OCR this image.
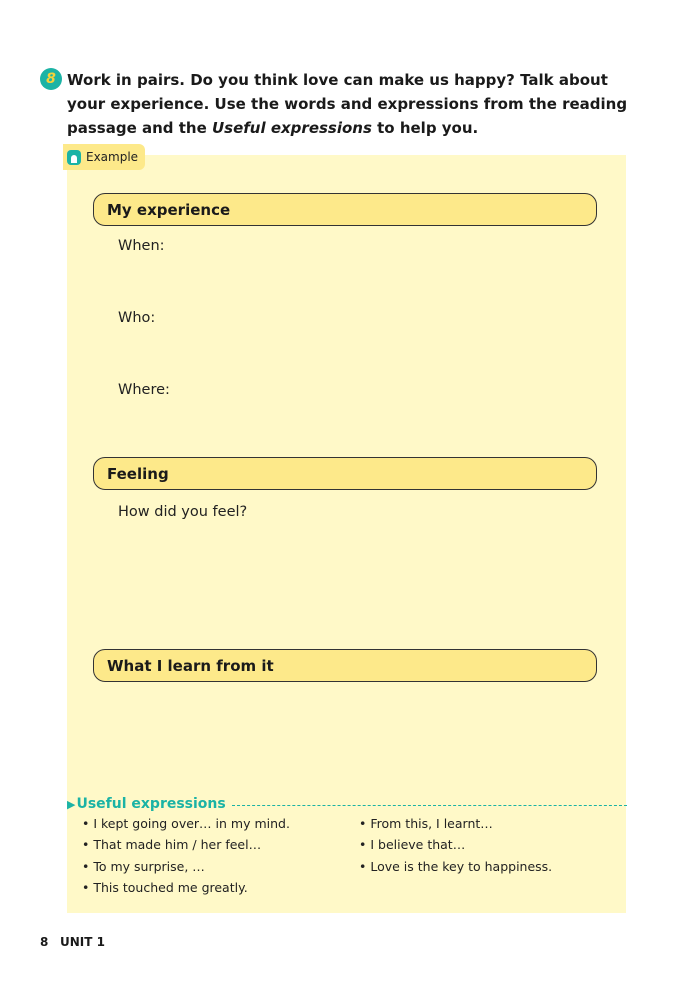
8 Work in pairs. Do you think love can make us happy? Talk about your experience. Use the words and expressions from the reading passage and the Useful expressions to help you.
Example
My experience
When:
Who:
Where:
Feeling
How did you feel?
What I learn from it
▶ Useful expressions
• I kept going over… in my mind.
• That made him / her feel…
• To my surprise, …
• This touched me greatly.
• From this, I learnt…
• I believe that…
• Love is the key to happiness.
8 UNIT 1
